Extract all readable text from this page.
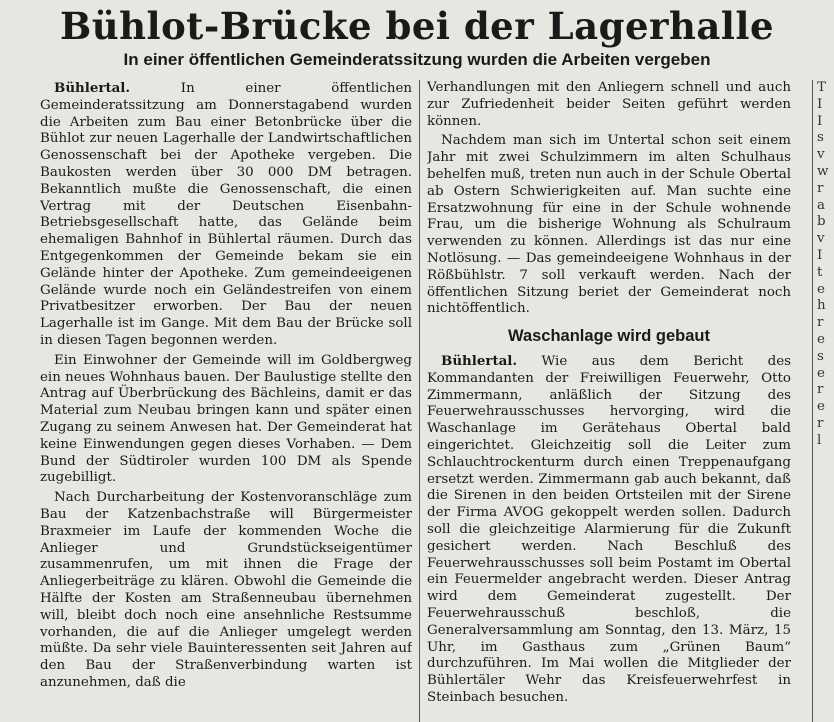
Bühlot-Brücke bei der Lagerhalle
In einer öffentlichen Gemeinderatssitzung wurden die Arbeiten vergeben

Bühlertal.	In einer öffentlichen Gemeinderatssitzung am Donnerstagabend wurden die Arbeiten zum Bau einer Betonbrücke über die Bühlot zur neuen Lagerhalle der Landwirtschaftlichen Genossenschaft bei der Apotheke vergeben. Die Baukosten werden über 30 000 DM betragen. Bekanntlich mußte die Genossenschaft, die einen Vertrag mit der Deutschen Eisenbahn-Betriebsgesellschaft hatte, das Gelände beim ehemaligen Bahnhof in Bühlertal räumen. Durch das Entgegenkommen der Gemeinde bekam sie ein Gelände hinter der Apotheke. Zum gemeindeeigenen Gelände wurde noch ein Geländestreifen von einem Privatbesitzer erworben. Der Bau der neuen Lagerhalle ist im Gange. Mit dem Bau der Brücke soll in diesen Tagen begonnen werden.

Ein Einwohner der Gemeinde will im Goldbergweg ein neues Wohnhaus bauen. Der Baulustige stellte den Antrag auf Überbrückung des Bächleins, damit er das Material zum Neubau bringen kann und später einen Zugang zu seinem Anwesen hat. Der Gemeinderat hat keine Einwendungen gegen dieses Vorhaben. — Dem Bund der Südtiroler wurden 100 DM als Spende zugebilligt.

Nach Durcharbeitung der Kostenvoranschläge zum Bau der Katzenbachstraße will Bürgermeister Braxmeier im Laufe der kommenden Woche die Anlieger und Grundstückseigentümer zusammenrufen, um mit ihnen die Frage der Anliegerbeiträge zu klären. Obwohl die Gemeinde die Hälfte der Kosten am Straßenneubau übernehmen will, bleibt doch noch eine ansehnliche Restsumme vorhanden, die auf die Anlieger umgelegt werden müßte. Da sehr viele Bauinteressenten seit Jahren auf den Bau der Straßenverbindung warten ist anzunehmen, daß die

Verhandlungen mit den Anliegern schnell und auch zur Zufriedenheit beider Seiten geführt werden können.

Nachdem man sich im Untertal schon seit einem Jahr mit zwei Schulzimmern im alten Schulhaus behelfen muß, treten nun auch in der Schule Obertal ab Ostern Schwierigkeiten auf. Man suchte eine Ersatzwohnung für eine in der Schule wohnende Frau, um die bisherige Wohnung als Schulraum verwenden zu können. Allerdings ist das nur eine Notlösung. — Das gemeindeeigene Wohnhaus in der Rößbühlstr. 7 soll verkauft werden. Nach der öffentlichen Sitzung beriet der Gemeinderat noch nichtöffentlich.

Waschanlage wird gebaut

Bühlertal. Wie aus dem Bericht des Kommandanten der Freiwilligen Feuerwehr, Otto Zimmermann, anläßlich der Sitzung des Feuerwehrausschusses hervorging, wird die Waschanlage im Gerätehaus Obertal bald eingerichtet. Gleichzeitig soll die Leiter zum Schlauchtrockenturm durch einen Treppenaufgang ersetzt werden. Zimmermann gab auch bekannt, daß die Sirenen in den beiden Ortsteilen mit der Sirene der Firma AVOG gekoppelt werden sollen. Dadurch soll die gleichzeitige Alarmierung für die Zukunft gesichert werden. Nach Beschluß des Feuerwehrausschusses soll beim Postamt im Obertal ein Feuermelder angebracht werden. Dieser Antrag wird dem Gemeinderat zugestellt. Der Feuerwehrausschuß beschloß, die Generalversammlung am Sonntag, den 13. März, 15 Uhr, im Gasthaus zum „Grünen Baum“ durchzuführen. Im Mai wollen die Mitglieder der Bühlertäler Wehr das Kreisfeuerwehrfest in Steinbach besuchen.

T
I
I
s
v
w
r
a
b
v
I
t
e
h
r
e
s
e
r
e
r
l
